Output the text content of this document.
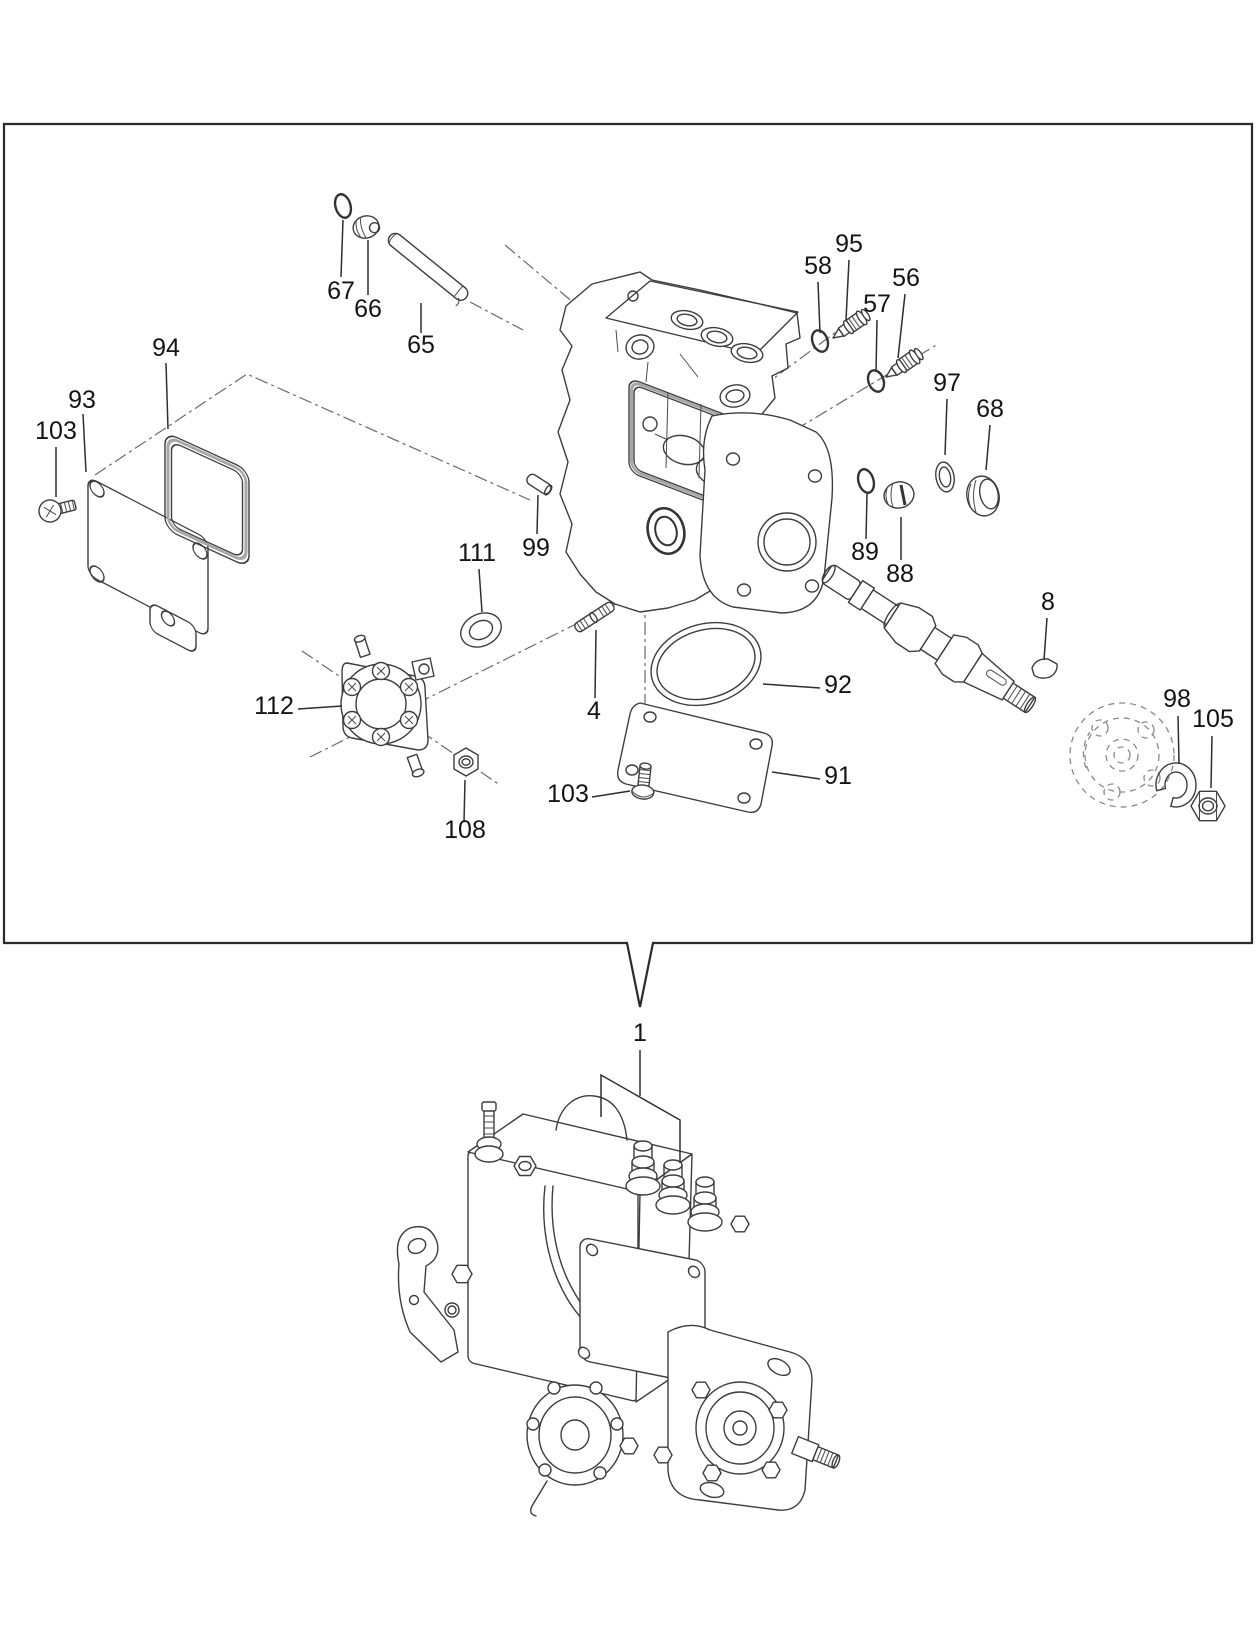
67
66
65
94
93
103
58
95
57
56
97
68
99
111	89
88
8
112	4
92
91
103
108
98
105
1
